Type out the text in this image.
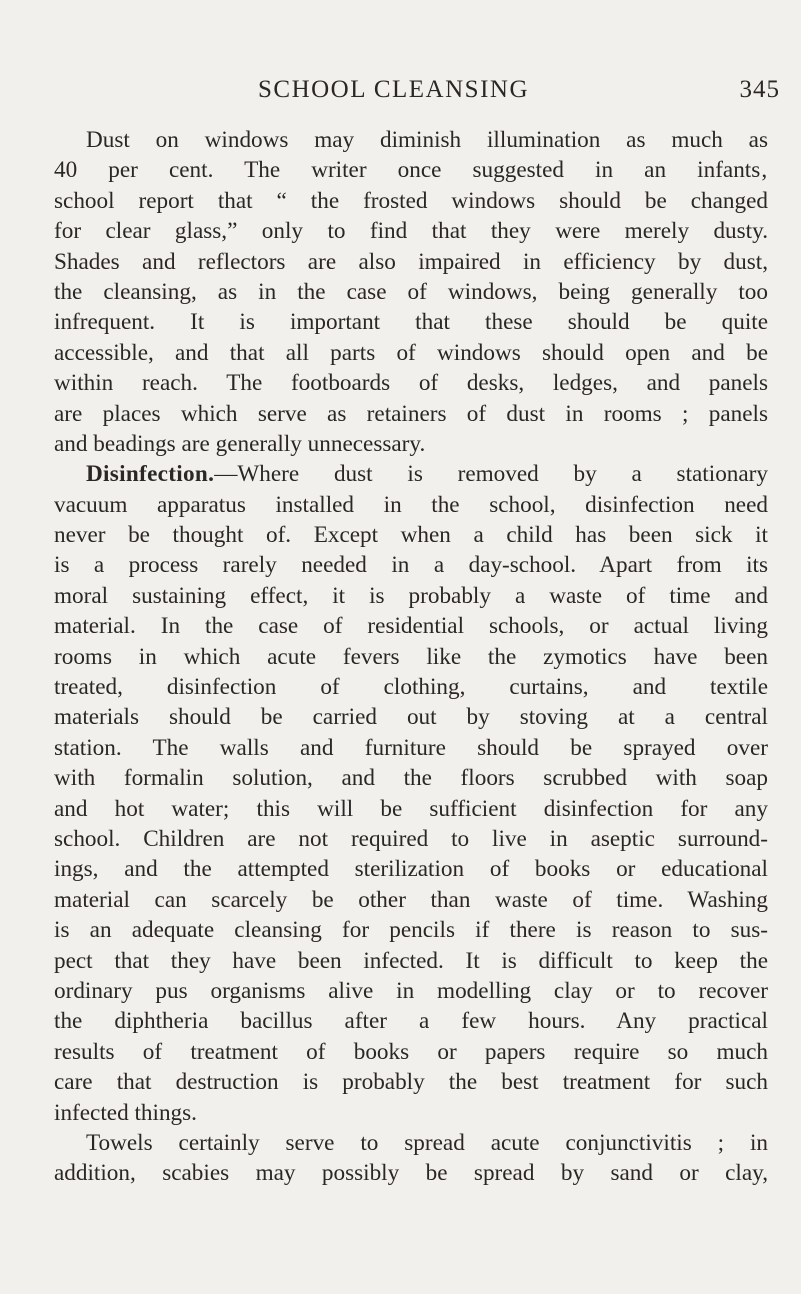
SCHOOL CLEANSING	345
Dust on windows may diminish illumination as much as
40 per cent. The writer once suggested in an infants‚
school report that “ the frosted windows should be changed
for clear glass,” only to find that they were merely dusty.
Shades and reflectors are also impaired in efficiency by dust,
the cleansing, as in the case of windows, being generally too
infrequent. It is important that these should be quite
accessible, and that all parts of windows should open and be
within reach. The footboards of desks, ledges, and panels
are places which serve as retainers of dust in rooms ; panels
and beadings are generally unnecessary.
Disinfection.—Where dust is removed by a stationary
vacuum apparatus installed in the school, disinfection need
never be thought of. Except when a child has been sick it
is a process rarely needed in a day-school. Apart from its
moral sustaining effect, it is probably a waste of time and
material. In the case of residential schools, or actual living
rooms in which acute fevers like the zymotics have been
treated, disinfection of clothing, curtains, and textile
materials should be carried out by stoving at a central
station. The walls and furniture should be sprayed over
with formalin solution, and the floors scrubbed with soap
and hot water; this will be sufficient disinfection for any
school. Children are not required to live in aseptic surround-
ings, and the attempted sterilization of books or educational
material can scarcely be other than waste of time. Washing
is an adequate cleansing for pencils if there is reason to sus-
pect that they have been infected. It is difficult to keep the
ordinary pus organisms alive in modelling clay or to recover
the diphtheria bacillus after a few hours. Any practical
results of treatment of books or papers require so much
care that destruction is probably the best treatment for such
infected things.
Towels certainly serve to spread acute conjunctivitis ; in
addition, scabies may possibly be spread by sand or clay,
